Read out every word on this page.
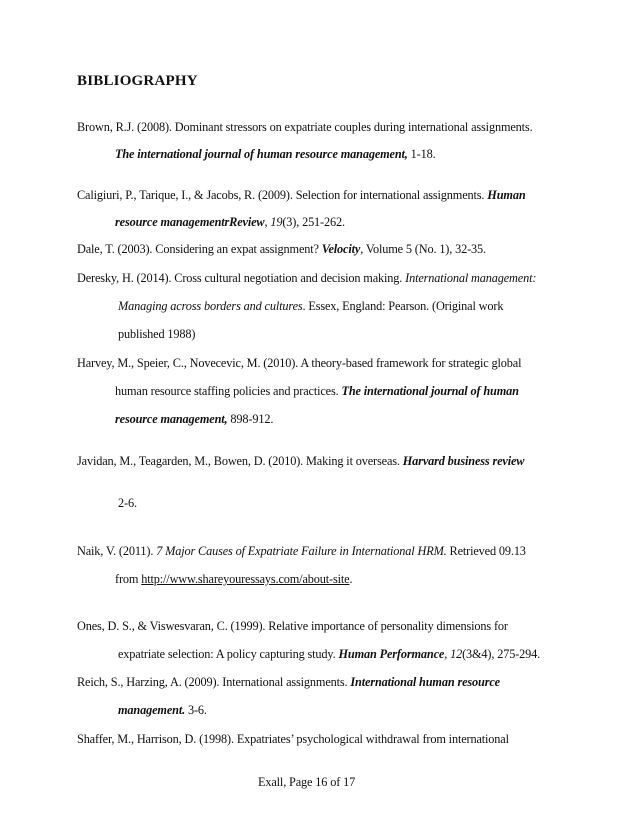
BIBLIOGRAPHY
Brown, R.J. (2008). Dominant stressors on expatriate couples during international assignments.
The international journal of human resource management, 1-18.
Caligiuri, P., Tarique, I., & Jacobs, R. (2009). Selection for international assignments. Human
resource managementrReview, 19(3), 251-262.
Dale, T. (2003). Considering an expat assignment? Velocity, Volume 5 (No. 1), 32-35.
Deresky, H. (2014). Cross cultural negotiation and decision making. International management:
Managing across borders and cultures. Essex, England: Pearson. (Original work
published 1988)
Harvey, M., Speier, C., Novecevic, M. (2010). A theory-based framework for strategic global
human resource staffing policies and practices. The international journal of human
resource management, 898-912.
Javidan, M., Teagarden, M., Bowen, D. (2010). Making it overseas. Harvard business review
2-6.
Naik, V. (2011). 7 Major Causes of Expatriate Failure in International HRM. Retrieved 09.13
from http://www.shareyouressays.com/about-site.
Ones, D. S., & Viswesvaran, C. (1999). Relative importance of personality dimensions for
expatriate selection: A policy capturing study. Human Performance, 12(3&4), 275-294.
Reich, S., Harzing, A. (2009). International assignments. International human resource
management. 3-6.
Shaffer, M., Harrison, D. (1998). Expatriates’ psychological withdrawal from international
Exall, Page 16 of 17
